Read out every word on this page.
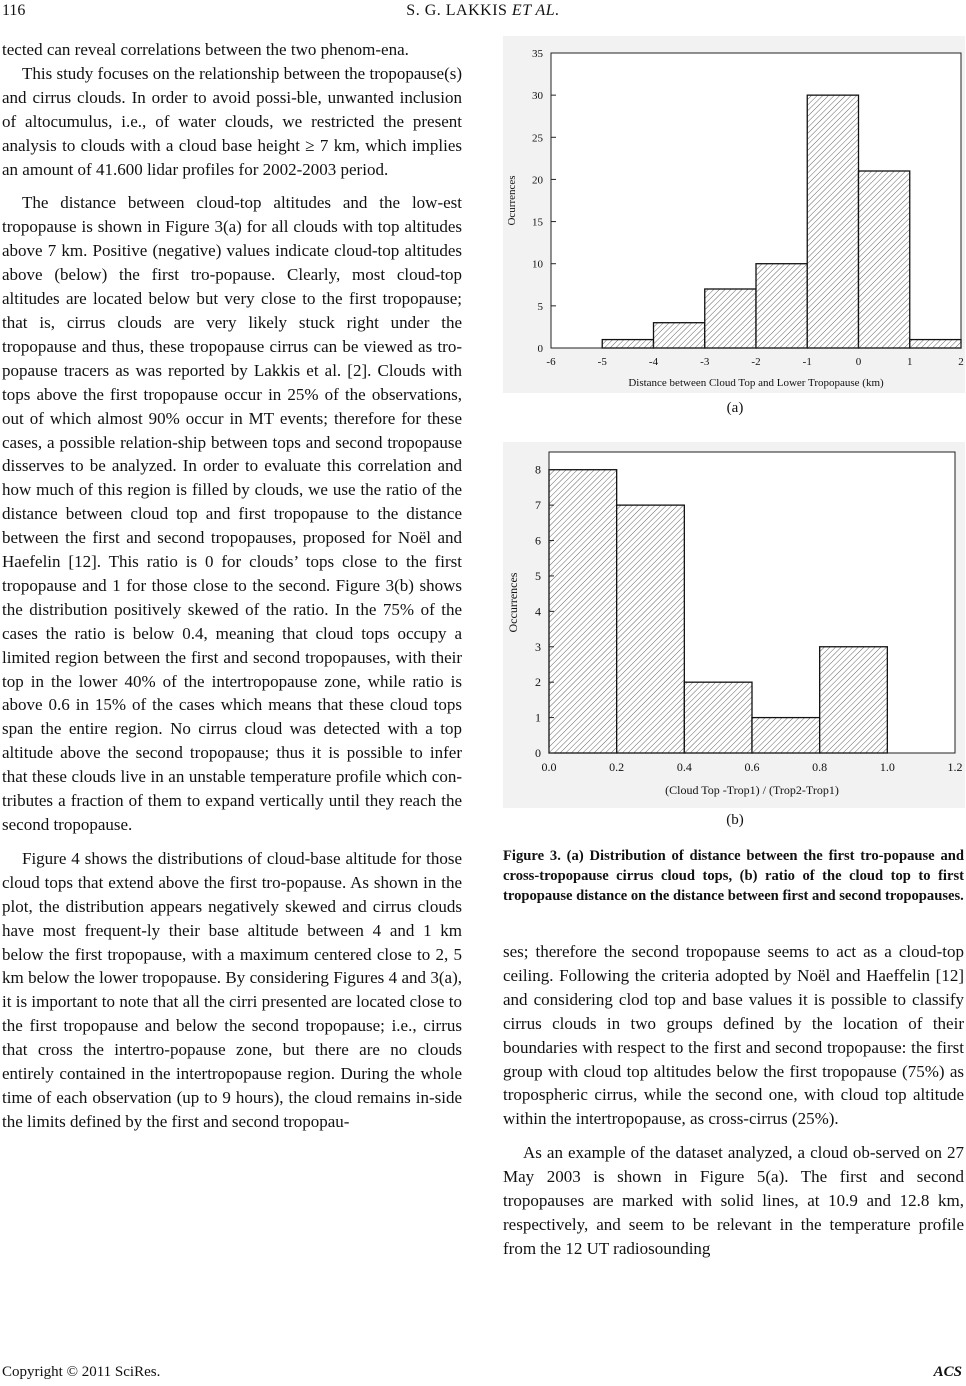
116	S. G. LAKKIS ET AL.

tected can reveal correlations between the two phenom-ena.

This study focuses on the relationship between the tropopause(s) and cirrus clouds. In order to avoid possi-ble, unwanted inclusion of altocumulus, i.e., of water clouds, we restricted the present analysis to clouds with a cloud base height ≥ 7 km, which implies an amount of 41.600 lidar profiles for 2002-2003 period.

The distance between cloud-top altitudes and the low-est tropopause is shown in Figure 3(a) for all clouds with top altitudes above 7 km. Positive (negative) values indicate cloud-top altitudes above (below) the first tro-popause. Clearly, most cloud-top altitudes are located below but very close to the first tropopause; that is, cirrus clouds are very likely stuck right under the tropopause and thus, these tropopause cirrus can be viewed as tro-popause tracers as was reported by Lakkis et al. [2]. Clouds with tops above the first tropopause occur in 25% of the observations, out of which almost 90% occur in MT events; therefore for these cases, a possible relation-ship between tops and second tropopause disserves to be analyzed. In order to evaluate this correlation and how much of this region is filled by clouds, we use the ratio of the distance between cloud top and first tropopause to the distance between the first and second tropopauses, proposed for Noël and Haefelin [12]. This ratio is 0 for clouds’ tops close to the first tropopause and 1 for those close to the second. Figure 3(b) shows the distribution positively skewed of the ratio. In the 75% of the cases the ratio is below 0.4, meaning that cloud tops occupy a limited region between the first and second tropopauses, with their top in the lower 40% of the intertropopause zone, while ratio is above 0.6 in 15% of the cases which means that these cloud tops span the entire region. No cirrus cloud was detected with a top altitude above the second tropopause; thus it is possible to infer that these clouds live in an unstable temperature profile which con-tributes a fraction of them to expand vertically until they reach the second tropopause.

Figure 4 shows the distributions of cloud-base altitude for those cloud tops that extend above the first tro-popause. As shown in the plot, the distribution appears negatively skewed and cirrus clouds have most frequent-ly their base altitude between 4 and 1 km below the first tropopause, with a maximum centered close to 2, 5 km below the lower tropopause. By considering Figures 4 and 3(a), it is important to note that all the cirri presented are located close to the first tropopause and below the second tropopause; i.e., cirrus that cross the intertro-popause zone, but there are no clouds entirely contained in the intertropopause region. During the whole time of each observation (up to 9 hours), the cloud remains in-side the limits defined by the first and second tropopau-

0
5
10
15
20
25
30
35
-6	-5	-4	-3	-2	-1	0	1	2
Distance between Cloud Top and Lower Tropopause (km)
Ocurrences
(a)
0
1
2
3
4
5
6
7
8
0.0	0.2	0.4	0.6	0.8	1.0	1.2
(Cloud Top -Trop1) / (Trop2-Trop1)
Occurrences
(b)
Figure 3. (a) Distribution of distance between the first tro-popause and cross-tropopause cirrus cloud tops, (b) ratio of the cloud top to first tropopause distance on the distance between first and second tropopauses.

ses; therefore the second tropopause seems to act as a cloud-top ceiling. Following the criteria adopted by Noël and Haeffelin [12] and considering clod top and base values it is possible to classify cirrus clouds in two groups defined by the location of their boundaries with respect to the first and second tropopause: the first group with cloud top altitudes below the first tropopause (75%) as tropospheric cirrus, while the second one, with cloud top altitude within the intertropopause, as cross-cirrus (25%).

As an example of the dataset analyzed, a cloud ob-served on 27 May 2003 is shown in Figure 5(a). The first and second tropopauses are marked with solid lines, at 10.9 and 12.8 km, respectively, and seem to be relevant in the temperature profile from the 12 UT radiosounding

Copyright © 2011 SciRes.	ACS
